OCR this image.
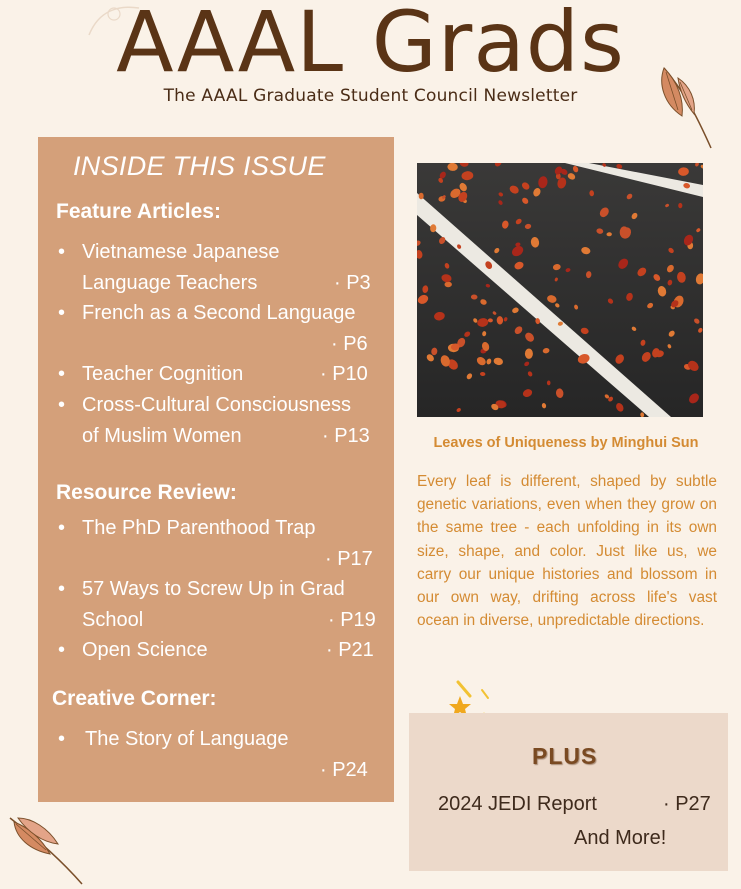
AAAL Grads
The AAAL Graduate Student Council Newsletter
INSIDE THIS ISSUE
Feature Articles:
• Vietnamese Japanese
Language Teachers	· P3
• French as a Second Language
· P6
• Teacher Cognition	· P10
• Cross-Cultural Consciousness
of Muslim Women	· P13
Resource Review:
• The PhD Parenthood Trap
· P17
• 57 Ways to Screw Up in Grad
School	· P19
• Open Science	· P21
Creative Corner:
• The Story of Language
· P24
Leaves of Uniqueness by Minghui Sun
Every leaf is different, shaped by subtle genetic variations, even when they grow on the same tree - each unfolding in its own size, shape, and color. Just like us, we carry our unique histories and blossom in our own way, drifting across life's vast ocean in diverse, unpredictable directions.
PLUS
2024 JEDI Report	· P27
And More!
